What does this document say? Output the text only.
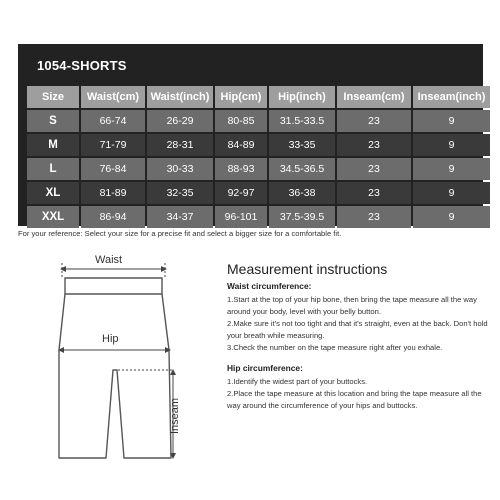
1054-SHORTS
Size	Waist(cm)	Waist(inch)	Hip(cm)	Hip(inch)	Inseam(cm)	Inseam(inch)
S	66-74	26-29	80-85	31.5-33.5	23	9
M	71-79	28-31	84-89	33-35	23	9
L	76-84	30-33	88-93	34.5-36.5	23	9
XL	81-89	32-35	92-97	36-38	23	9
XXL	86-94	34-37	96-101	37.5-39.5	23	9
For your reference: Select your size for a precise fit and select a bigger size for a comfortable fit.
Waist
Hip
Inseam
Measurement instructions
Waist circumference:

1.Start at the top of your hip bone, then bring the tape measure all the way around your body, level with your belly button.

2.Make sure it's not too tight and that it's straight, even at the back. Don't hold your breath while measuring.

3.Check the number on the tape measure right after you exhale.

Hip circumference:

1.Identify the widest part of your buttocks.

2.Place the tape measure at this location and bring the tape measure all the way around the circumference of your hips and buttocks.
